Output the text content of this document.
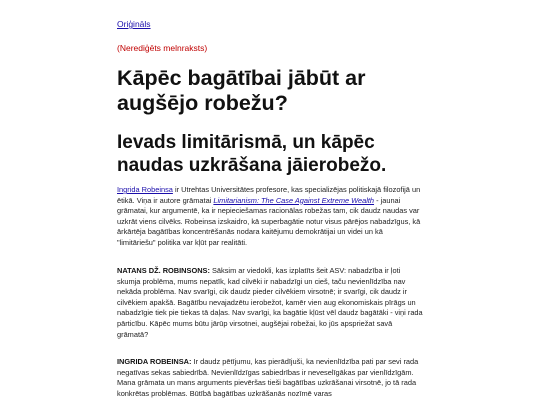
Oriģināls
(Nerediģēts melnraksts)
Kāpēc bagātībai jābūt ar augšējo robežu?
Ievads limitārismā, un kāpēc naudas uzkrāšana jāierobežo.

Ingrida Robeinsa ir Utrehtas Universitātes profesore, kas specializējas politiskajā filozofijā un ētikā. Viņa ir autore grāmatai Limitarianism: The Case Against Extreme Wealth - jaunai grāmatai, kur argumentē, ka ir nepieciešamas racionālas robežas tam, cik daudz naudas var uzkrāt viens cilvēks. Robeinsa izskaidro, kā superbagātie notur visus pārējos nabadzīgus, kā ārkārtēja bagātības koncentrēšanās nodara kaitējumu demokrātijai un videi un kā "limitāriešu" politika var kļūt par realitāti.

NATANS DŽ. ROBINSONS: Sāksim ar viedokli, kas izplatīts šeit ASV: nabadzība ir ļoti skumja problēma, mums nepatīk, kad cilvēki ir nabadzīgi un cieš, taču nevienlīdzība nav nekāda problēma. Nav svarīgi, cik daudz pieder cilvēkiem virsotnē; ir svarīgi, cik daudz ir cilvēkiem apakšā. Bagātību nevajadzētu ierobežot, kamēr vien aug ekonomiskais pīrāgs un nabadzīgie tiek pie tiekas tā daļas. Nav svarīgi, ka bagātie kļūst vēl daudz bagātāki - viņi rada pārticību. Kāpēc mums būtu jārūp virsotnei, augšējai robežai, ko jūs apspriežat savā grāmatā?

INGRIDA ROBEINSA: Ir daudz pētījumu, kas pierādījuši, ka nevienlīdzība pati par sevi rada negatīvas sekas sabiedrībā. Nevienlīdzīgas sabiedrības ir neveselīgākas par vienlīdzīgām. Mana grāmata un mans arguments pievēršas tieši bagātības uzkrāšanai virsotnē, jo tā rada konkrētas problēmas. Būtībā bagātības uzkrāšanās nozīmē varas
